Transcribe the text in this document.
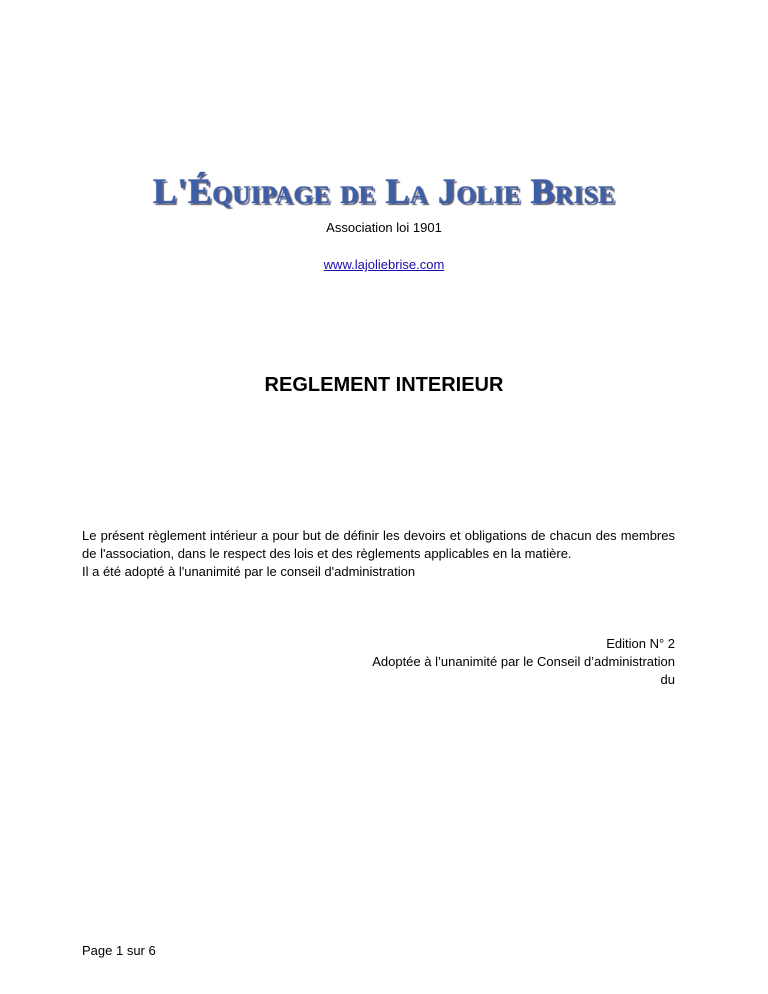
L'Équipage de La Jolie Brise
Association loi 1901
www.lajoliebrise.com
REGLEMENT INTERIEUR

Le présent règlement intérieur a pour but de définir les devoirs et obligations de chacun des membres de l'association, dans le respect des lois et des règlements applicables en la matière.

Il a été adopté à l'unanimité par le conseil d'administration

Edition N° 2
Adoptée à l’unanimité par le Conseil d’administration
du
Page 1 sur 6
